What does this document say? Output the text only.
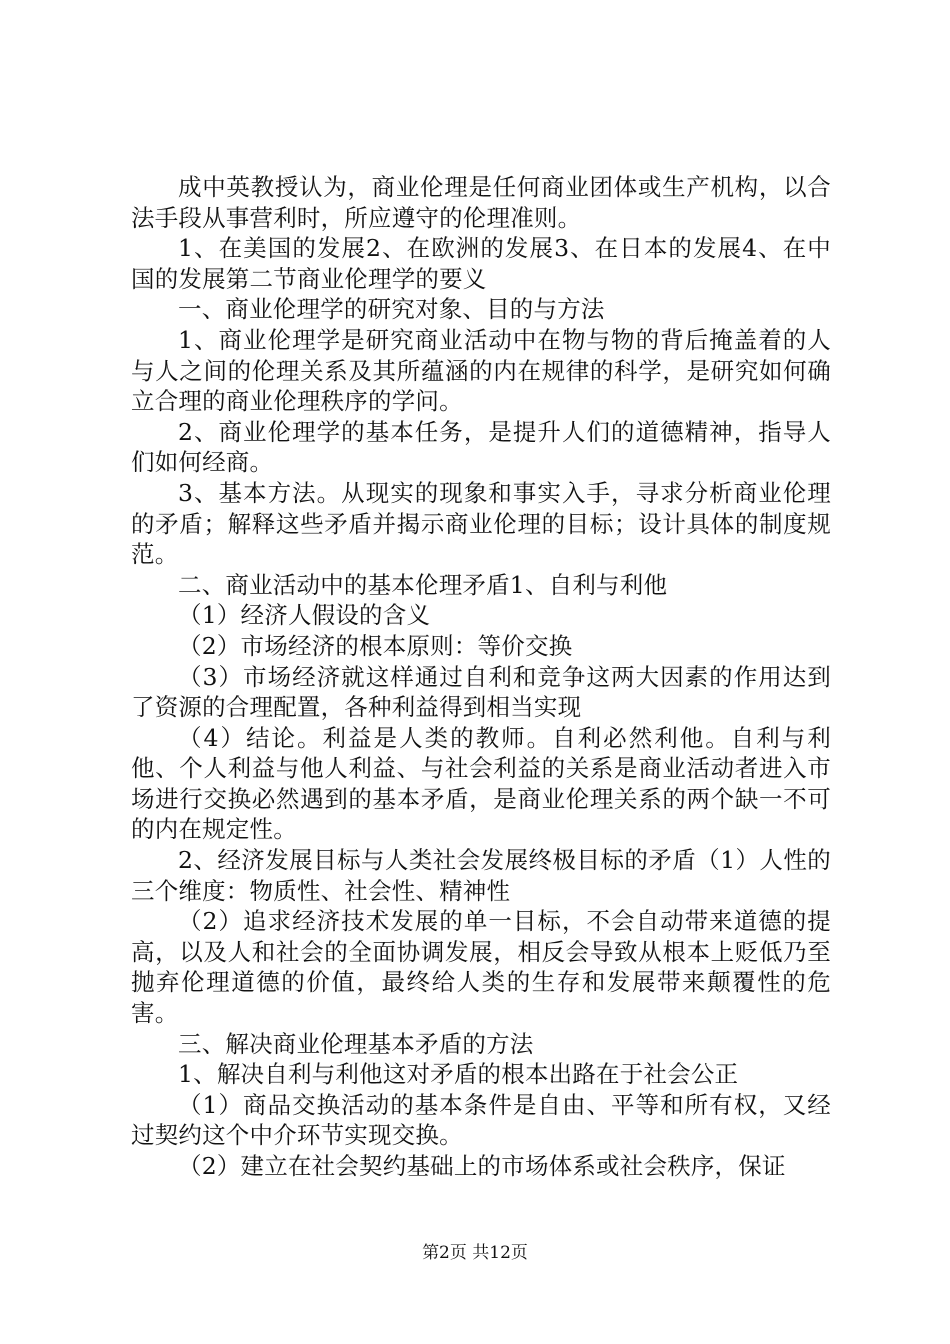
成中英教授认为，商业伦理是任何商业团体或生产机构，以合法手段从事营利时，所应遵守的伦理准则。

1、在美国的发展2、在欧洲的发展3、在日本的发展4、在中国的发展第二节商业伦理学的要义

一、商业伦理学的研究对象、目的与方法

1、商业伦理学是研究商业活动中在物与物的背后掩盖着的人与人之间的伦理关系及其所蕴涵的内在规律的科学，是研究如何确立合理的商业伦理秩序的学问。

2、商业伦理学的基本任务，是提升人们的道德精神，指导人们如何经商。

3、基本方法。从现实的现象和事实入手，寻求分析商业伦理的矛盾；解释这些矛盾并揭示商业伦理的目标；设计具体的制度规范。

二、商业活动中的基本伦理矛盾1、自利与利他

（1）经济人假设的含义

（2）市场经济的根本原则：等价交换

（3）市场经济就这样通过自利和竞争这两大因素的作用达到了资源的合理配置，各种利益得到相当实现

（4）结论。利益是人类的教师。自利必然利他。自利与利他、个人利益与他人利益、与社会利益的关系是商业活动者进入市场进行交换必然遇到的基本矛盾，是商业伦理关系的两个缺一不可的内在规定性。

2、经济发展目标与人类社会发展终极目标的矛盾（1）人性的三个维度：物质性、社会性、精神性

（2）追求经济技术发展的单一目标，不会自动带来道德的提高，以及人和社会的全面协调发展，相反会导致从根本上贬低乃至抛弃伦理道德的价值，最终给人类的生存和发展带来颠覆性的危害。

三、解决商业伦理基本矛盾的方法

1、解决自利与利他这对矛盾的根本出路在于社会公正

（1）商品交换活动的基本条件是自由、平等和所有权，又经过契约这个中介环节实现交换。

（2）建立在社会契约基础上的市场体系或社会秩序，保证

第2页 共12页
